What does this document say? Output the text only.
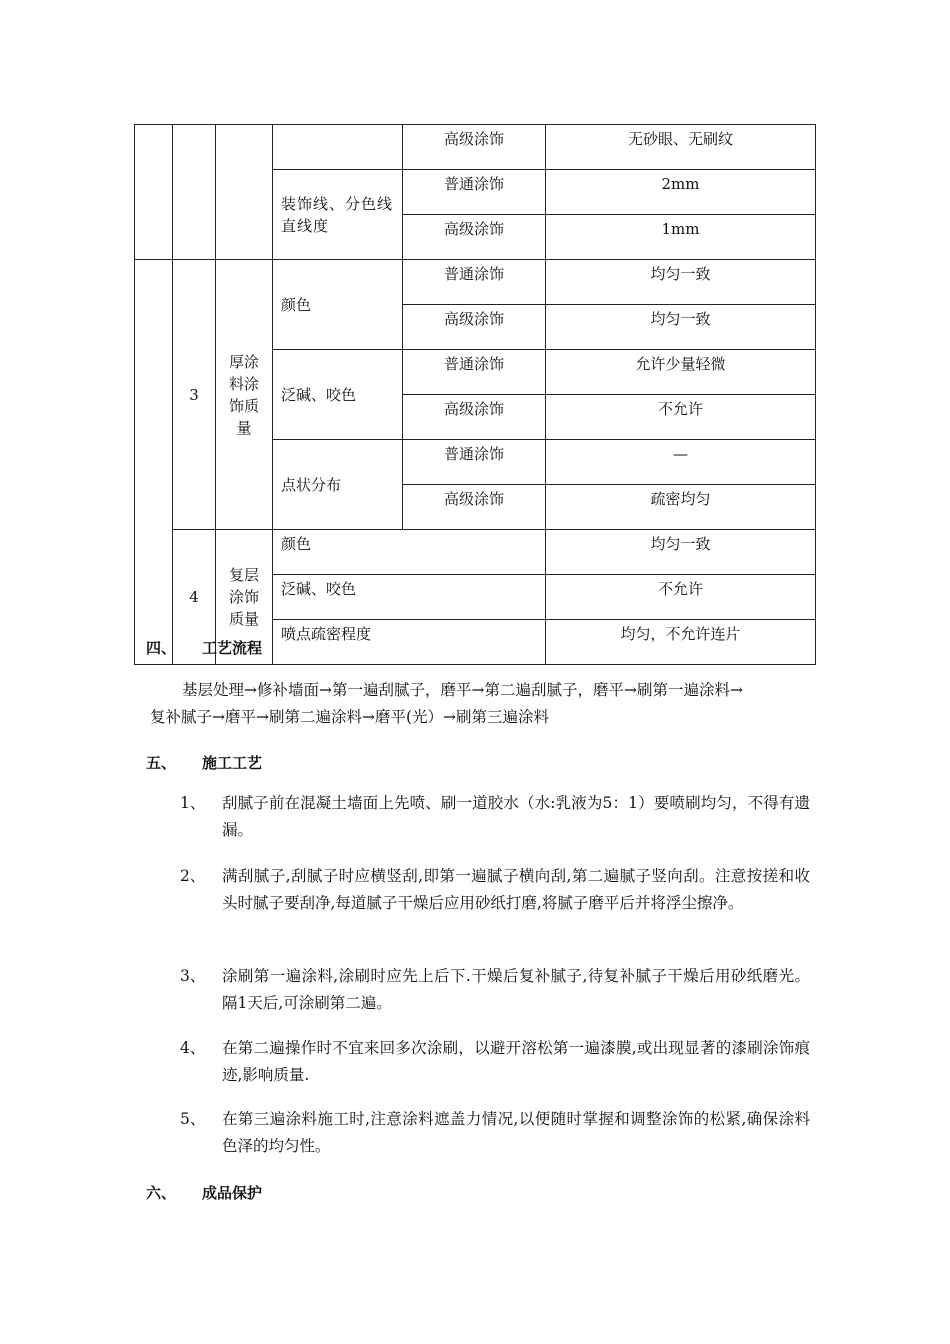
				高级涂饰	无砂眼、无刷纹
			装饰线、分色线直线度	普通涂饰	2mm
				高级涂饰	1mm
	3	厚涂料涂饰质量	颜色	普通涂饰	均匀一致
				高级涂饰	均匀一致
			泛碱、咬色	普通涂饰	允许少量轻微
				高级涂饰	不允许
			点状分布	普通涂饰	—
				高级涂饰	疏密均匀
	4	复层涂饰质量	颜色		均匀一致
			泛碱、咬色		不允许
			喷点疏密程度		均匀，不允许连片
四、 工艺流程
基层处理→修补墙面→第一遍刮腻子，磨平→第二遍刮腻子，磨平→刷第一遍涂料→
复补腻子→磨平→刷第二遍涂料→磨平(光）→刷第三遍涂料
五、 施工工艺
1、	刮腻子前在混凝土墙面上先喷、刷一道胶水（水:乳液为5：1）要喷刷均匀，不得有遗漏。
2、	满刮腻子,刮腻子时应横竖刮,即第一遍腻子横向刮,第二遍腻子竖向刮。注意按搓和收头时腻子要刮净,每道腻子干燥后应用砂纸打磨,将腻子磨平后并将浮尘擦净。
3、	涂刷第一遍涂料,涂刷时应先上后下.干燥后复补腻子,待复补腻子干燥后用砂纸磨光。隔1天后,可涂刷第二遍。
4、	在第二遍操作时不宜来回多次涂刷，以避开溶松第一遍漆膜,或出现显著的漆刷涂饰痕迹,影响质量.
5、	在第三遍涂料施工时,注意涂料遮盖力情况,以便随时掌握和调整涂饰的松紧,确保涂料色泽的均匀性。
六、 成品保护
